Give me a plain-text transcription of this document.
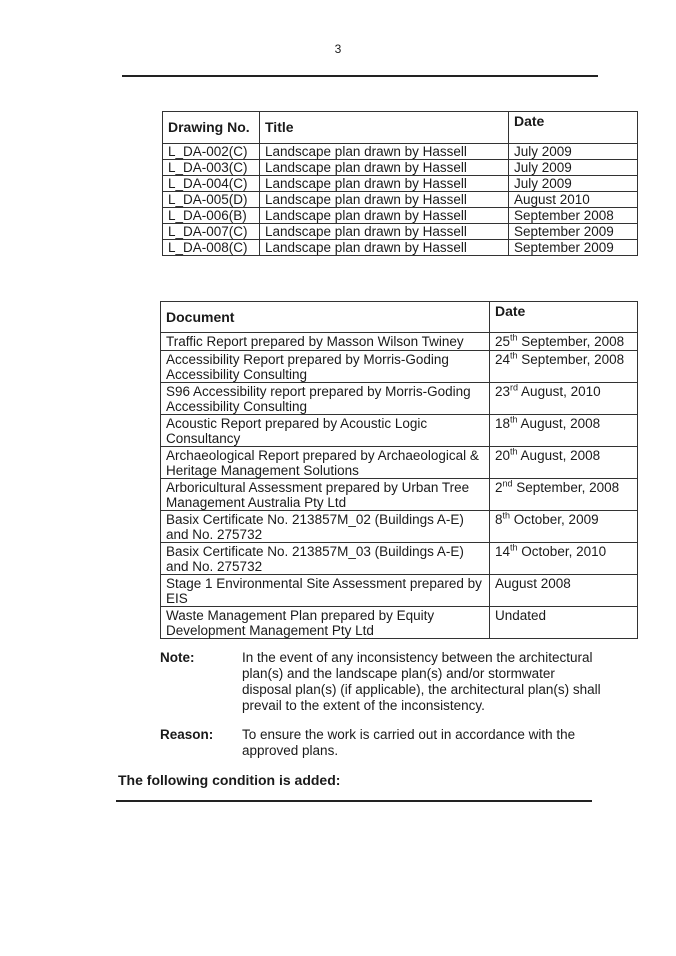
3
Drawing No.	Title	Date
L_DA-002(C)	Landscape plan drawn by Hassell	July 2009
L_DA-003(C)	Landscape plan drawn by Hassell	July 2009
L_DA-004(C)	Landscape plan drawn by Hassell	July 2009
L_DA-005(D)	Landscape plan drawn by Hassell	August 2010
L_DA-006(B)	Landscape plan drawn by Hassell	September 2008
L_DA-007(C)	Landscape plan drawn by Hassell	September 2009
L_DA-008(C)	Landscape plan drawn by Hassell	September 2009
Document	Date
Traffic Report prepared by Masson Wilson Twiney	25th September, 2008
Accessibility Report prepared by Morris-Goding Accessibility Consulting	24th September, 2008
S96 Accessibility report prepared by Morris-Goding Accessibility Consulting	23rd August, 2010
Acoustic Report prepared by Acoustic Logic Consultancy	18th August, 2008
Archaeological Report prepared by Archaeological & Heritage Management Solutions	20th August, 2008
Arboricultural Assessment prepared by Urban Tree Management Australia Pty Ltd	2nd September, 2008
Basix Certificate No. 213857M_02 (Buildings A-E) and No. 275732	8th October, 2009
Basix Certificate No. 213857M_03 (Buildings A-E) and No. 275732	14th October, 2010
Stage 1 Environmental Site Assessment prepared by EIS	August 2008
Waste Management Plan prepared by Equity Development Management Pty Ltd	Undated
Note:	In the event of any inconsistency between the architectural plan(s) and the landscape plan(s) and/or stormwater disposal plan(s) (if applicable), the architectural plan(s) shall prevail to the extent of the inconsistency.
Reason: To ensure the work is carried out in accordance with the approved plans.
The following condition is added:
